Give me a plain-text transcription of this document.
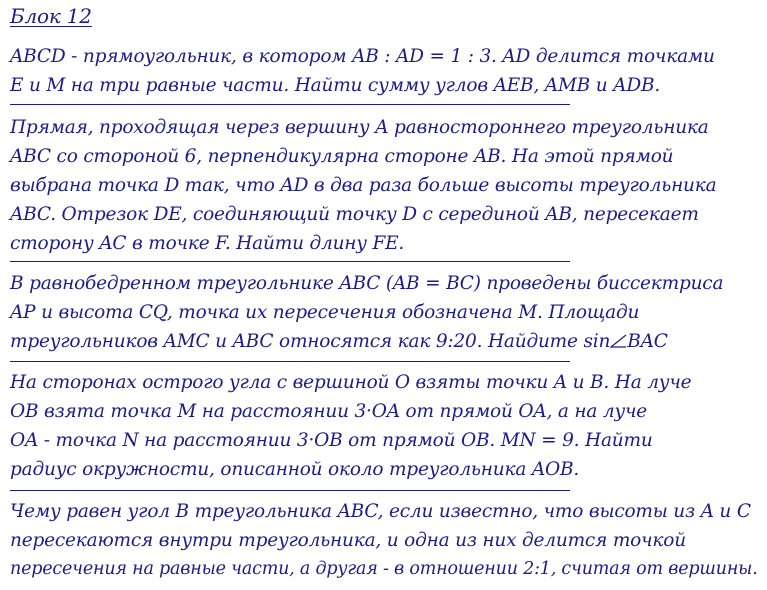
Блок 12
ABCD - прямоугольник, в котором AB : AD = 1 : 3. AD делится точками
E и M на три равные части. Найти сумму углов AEB, AMB и ADB.
Прямая, проходящая через вершину A равностороннего треугольника
ABC со стороной 6, перпендикулярна стороне AB. На этой прямой
выбрана точка D так, что AD в два раза больше высоты треугольника
ABC. Отрезок DE, соединяющий точку D с серединой AB, пересекает
сторону AC в точке F. Найти длину FE.
В равнобедренном треугольнике ABC (AB = BC) проведены биссектриса
AP и высота CQ, точка их пересечения обозначена M. Площади
треугольников AMC и ABC относятся как 9:20. Найдите sin BAC
На сторонах острого угла с вершиной O взяты точки A и B. На луче
OB взята точка M на расстоянии 3·OA от прямой OA, а на луче
OA - точка N на расстоянии 3·OB от прямой OB. MN = 9. Найти
радиус окружности, описанной около треугольника AOB.
Чему равен угол B треугольника ABC, если известно, что высоты из A и C
пересекаются внутри треугольника, и одна из них делится точкой
пересечения на равные части, а другая - в отношении 2:1, считая от вершины.
